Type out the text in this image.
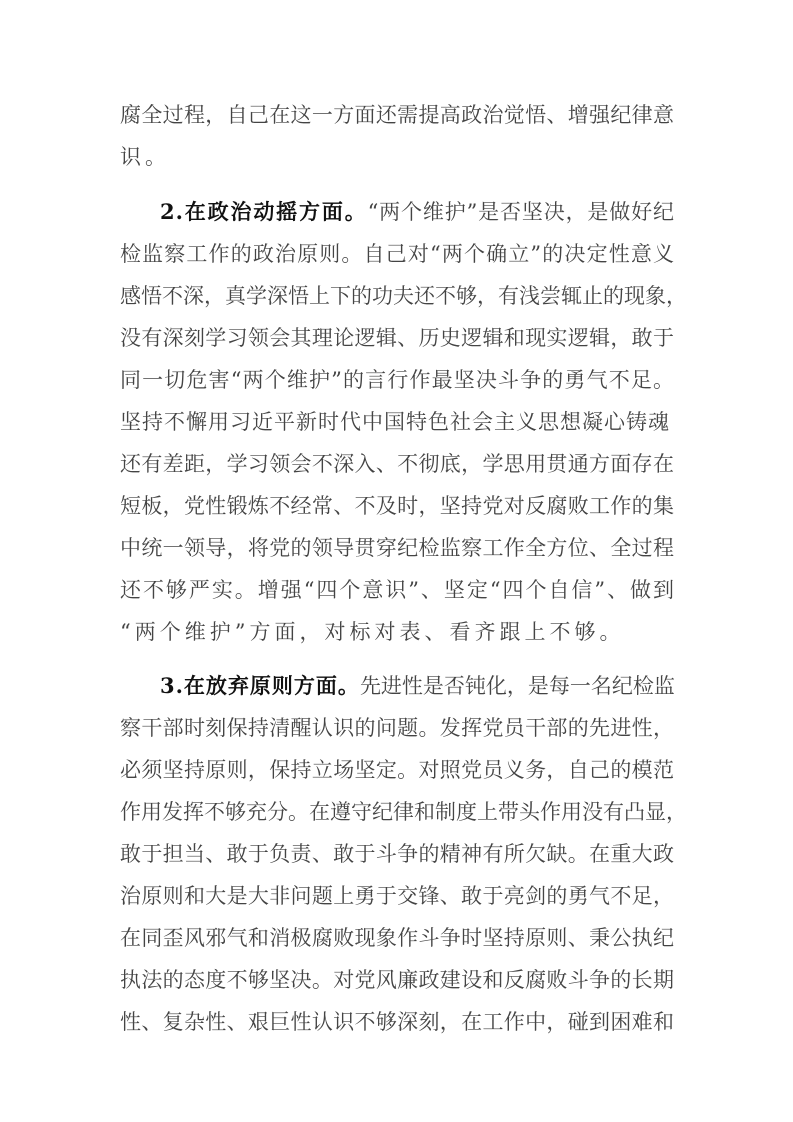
腐全过程，自己在这一方面还需提高政治觉悟、增强纪律意
识。
2.在政治动摇方面。“两个维护”是否坚决，是做好纪
检监察工作的政治原则。自己对“两个确立”的决定性意义
感悟不深，真学深悟上下的功夫还不够，有浅尝辄止的现象，
没有深刻学习领会其理论逻辑、历史逻辑和现实逻辑，敢于
同一切危害“两个维护”的言行作最坚决斗争的勇气不足。
坚持不懈用习近平新时代中国特色社会主义思想凝心铸魂
还有差距，学习领会不深入、不彻底，学思用贯通方面存在
短板，党性锻炼不经常、不及时，坚持党对反腐败工作的集
中统一领导，将党的领导贯穿纪检监察工作全方位、全过程
还不够严实。增强“四个意识”、坚定“四个自信”、做到
“两个维护”方面，对标对表、看齐跟上不够。
3.在放弃原则方面。先进性是否钝化，是每一名纪检监
察干部时刻保持清醒认识的问题。发挥党员干部的先进性，
必须坚持原则，保持立场坚定。对照党员义务，自己的模范
作用发挥不够充分。在遵守纪律和制度上带头作用没有凸显，
敢于担当、敢于负责、敢于斗争的精神有所欠缺。在重大政
治原则和大是大非问题上勇于交锋、敢于亮剑的勇气不足，
在同歪风邪气和消极腐败现象作斗争时坚持原则、秉公执纪
执法的态度不够坚决。对党风廉政建设和反腐败斗争的长期
性、复杂性、艰巨性认识不够深刻，在工作中，碰到困难和
